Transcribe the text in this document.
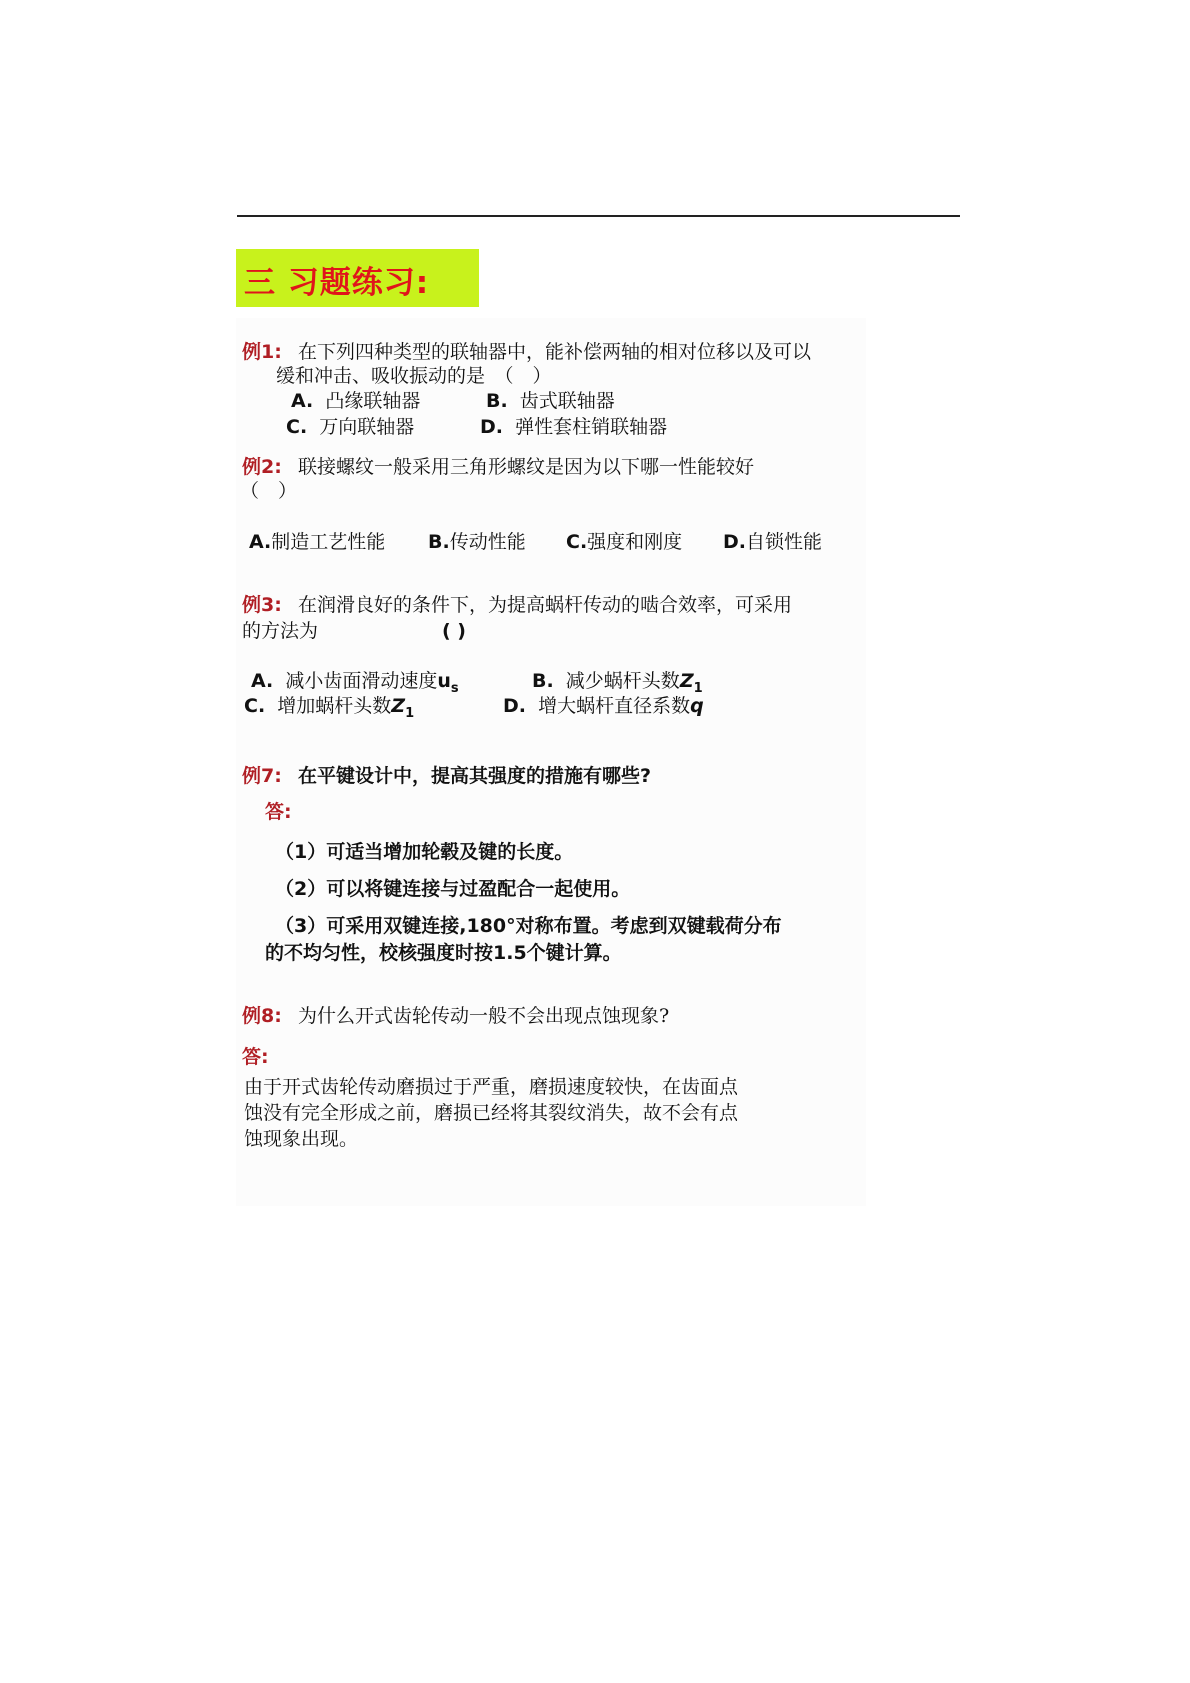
三 习题练习:
例1: 在下列四种类型的联轴器中，能补偿两轴的相对位移以及可以
缓和冲击、吸收振动的是　（　）
A. 凸缘联轴器	B. 齿式联轴器
C. 万向联轴器	D. 弹性套柱销联轴器
例2: 联接螺纹一般采用三角形螺纹是因为以下哪一性能较好
（　）
A.制造工艺性能 B.传动性能 C.强度和刚度 D.自锁性能
例3: 在润滑良好的条件下，为提高蜗杆传动的啮合效率，可采用
的方法为	( )
A. 减小齿面滑动速度$u_s$	B. 减少蜗杆头数$Z_1$
C. 增加蜗杆头数$Z_1$	D. 增大蜗杆直径系数q
例7: 在平键设计中，提高其强度的措施有哪些?
答:
（1）可适当增加轮毂及键的长度。
（2）可以将键连接与过盈配合一起使用。
（3）可采用双键连接,180°对称布置。考虑到双键载荷分布
的不均匀性，校核强度时按1.5个键计算。
例8: 为什么开式齿轮传动一般不会出现点蚀现象?
答:
由于开式齿轮传动磨损过于严重，磨损速度较快，在齿面点
蚀没有完全形成之前，磨损已经将其裂纹消失，故不会有点
蚀现象出现。
